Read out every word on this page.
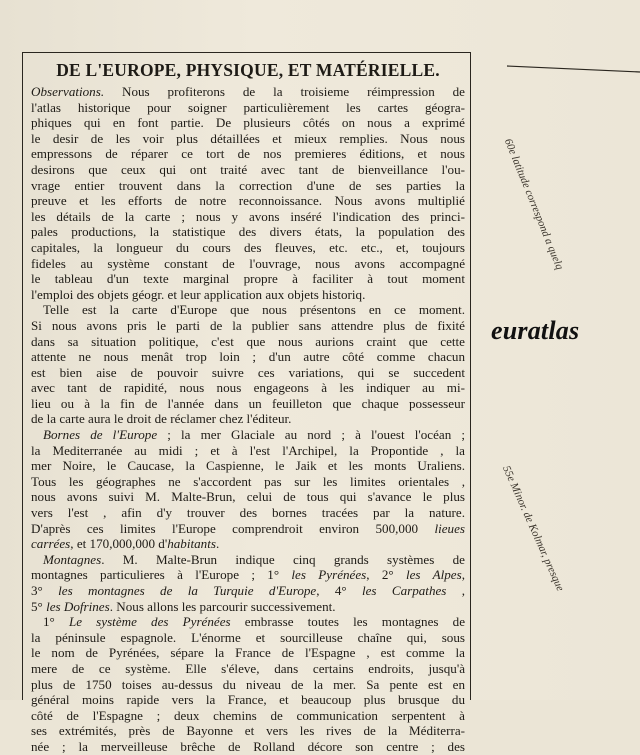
DE L'EUROPE, PHYSIQUE, ET MATÉRIELLE.
Observations. Nous profiterons de la troisieme réimpression de
l'atlas historique pour soigner particulièrement les cartes géogra-
phiques qui en font partie. De plusieurs côtés on nous a exprimé
le desir de les voir plus détaillées et mieux remplies. Nous nous
empressons de réparer ce tort de nos premieres éditions, et nous
desirons que ceux qui ont traité avec tant de bienveillance l'ou-
vrage entier trouvent dans la correction d'une de ses parties la
preuve et les efforts de notre reconnoissance. Nous avons multiplié
les détails de la carte ; nous y avons inséré l'indication des princi-
pales productions, la statistique des divers états, la population des
capitales, la longueur du cours des fleuves, etc. etc., et, toujours
fideles au système constant de l'ouvrage, nous avons accompagné
le tableau d'un texte marginal propre à faciliter à tout moment
l'emploi des objets géogr. et leur application aux objets historiq.
Telle est la carte d'Europe que nous présentons en ce moment.
Si nous avons pris le parti de la publier sans attendre plus de fixité
dans sa situation politique, c'est que nous aurions craint que cette
attente ne nous menât trop loin ; d'un autre côté comme chacun
est bien aise de pouvoir suivre ces variations, qui se succedent
avec tant de rapidité, nous nous engageons à les indiquer au mi-
lieu ou à la fin de l'année dans un feuilleton que chaque possesseur
de la carte aura le droit de réclamer chez l'éditeur.
Bornes de l'Europe ; la mer Glaciale au nord ; à l'ouest l'océan ;
la Mediterranée au midi ; et à l'est l'Archipel, la Propontide , la
mer Noire, le Caucase, la Caspienne, le Jaik et les monts Uraliens.
Tous les géographes ne s'accordent pas sur les limites orientales ,
nous avons suivi M. Malte-Brun, celui de tous qui s'avance le plus
vers l'est , afin d'y trouver des bornes tracées par la nature.
D'après ces limites l'Europe comprendroit environ 500,000 lieues
carrées, et 170,000,000 d'habitants.
Montagnes. M. Malte-Brun indique cinq grands systèmes de
montagnes particulieres à l'Europe ; 1° les Pyrénées, 2° les Alpes,
3° les montagnes de la Turquie d'Europe, 4° les Carpathes ,
5° les Dofrines. Nous allons les parcourir successivement.
1° Le système des Pyrénées embrasse toutes les montagnes de
la péninsule espagnole. L'énorme et sourcilleuse chaîne qui, sous
le nom de Pyrénées, sépare la France de l'Espagne , est comme la
mere de ce système. Elle s'éleve, dans certains endroits, jusqu'à
plus de 1750 toises au-dessus du niveau de la mer. Sa pente est en
général moins rapide vers la France, et beaucoup plus brusque du
côté de l'Espagne ; deux chemins de communication serpentent à
ses extrémités, près de Bayonne et vers les rives de la Méditerra-
née ; la merveilleuse brêche de Rolland décore son centre ; des
60e latitude correspond a quelq
55e Minor. de Kolmar, presque
euratlas
